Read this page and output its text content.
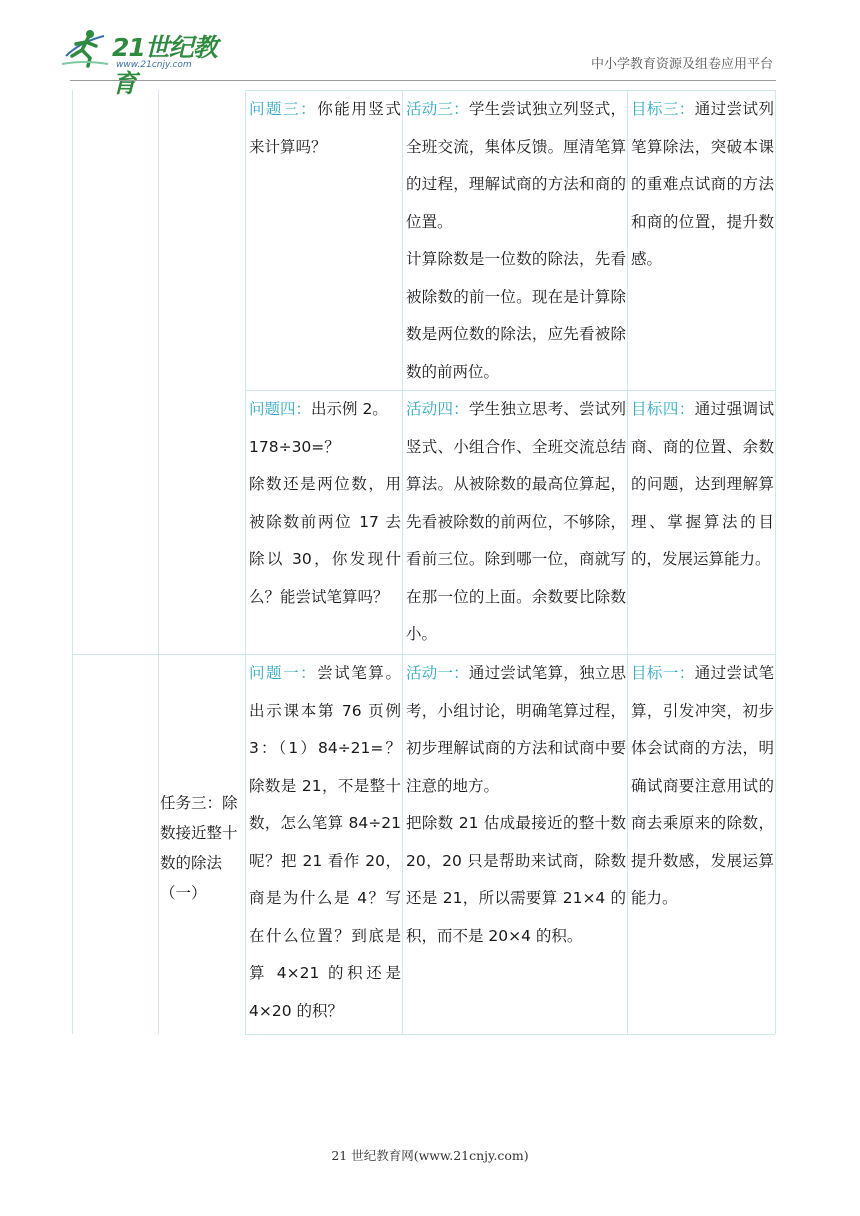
21世纪教育
www.21cnjy.com	中小学教育资源及组卷应用平台

问题三：你能用竖式来计算吗？

活动三：学生尝试独立列竖式，全班交流，集体反馈。厘清笔算的过程，理解试商的方法和商的位置。

计算除数是一位数的除法，先看被除数的前一位。现在是计算除数是两位数的除法，应先看被除数的前两位。

目标三：通过尝试列笔算除法，突破本课的重难点试商的方法和商的位置，提升数感。

问题四：出示例 2。

178÷30=？

除数还是两位数，用被除数前两位 17 去除以 30，你发现什么？能尝试笔算吗？

活动四：学生独立思考、尝试列竖式、小组合作、全班交流总结算法。从被除数的最高位算起，先看被除数的前两位，不够除，看前三位。除到哪一位，商就写在那一位的上面。余数要比除数小。

目标四：通过强调试商、商的位置、余数的问题，达到理解算理、掌握算法的目的，发展运算能力。

任务三：除数接近整十数的除法（一）

问题一：尝试笔算。出示课本第 76 页例 3：（1）84÷21=？除数是 21，不是整十数，怎么笔算 84÷21 呢？把 21 看作 20，商是为什么是 4？写在什么位置？到底是算 4×21 的积还是 4×20 的积？

活动一：通过尝试笔算，独立思考，小组讨论，明确笔算过程，初步理解试商的方法和试商中要注意的地方。

把除数 21 估成最接近的整十数 20，20 只是帮助来试商，除数还是 21，所以需要算 21×4 的积，而不是 20×4 的积。

目标一：通过尝试笔算，引发冲突，初步体会试商的方法，明确试商要注意用试的商去乘原来的除数，提升数感，发展运算能力。

21 世纪教育网(www.21cnjy.com)
